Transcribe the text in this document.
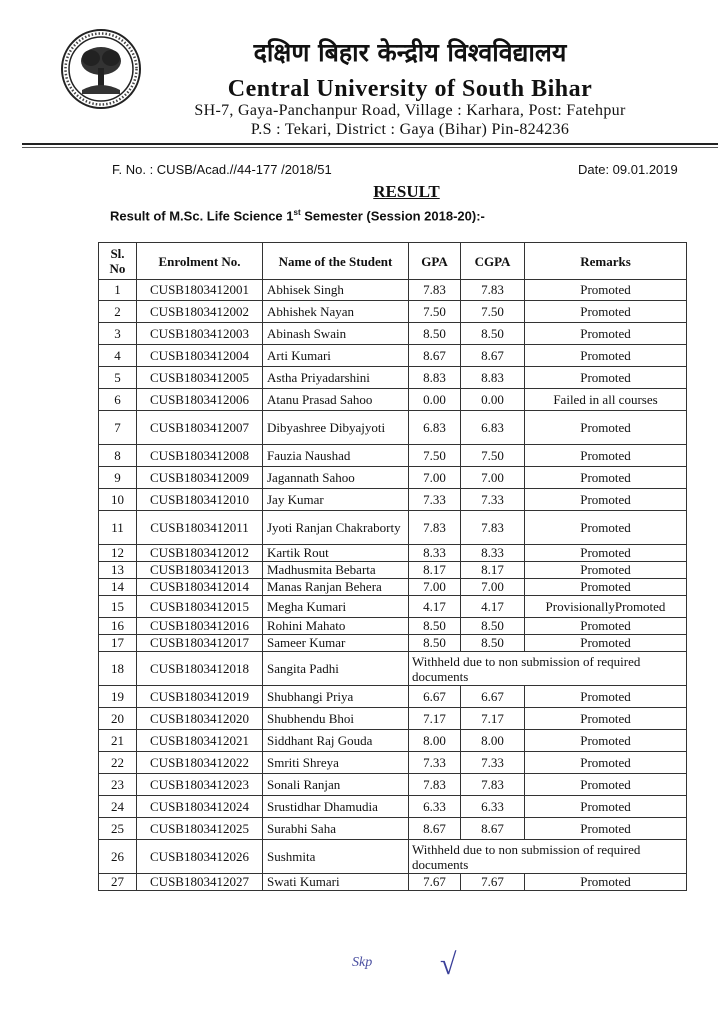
दक्षिण बिहार केन्द्रीय विश्वविद्यालय
Central University of South Bihar
SH-7, Gaya-Panchanpur Road, Village : Karhara, Post: Fatehpur
P.S : Tekari, District : Gaya (Bihar) Pin-824236
F. No. : CUSB/Acad.//44-177 /2018/51	Date: 09.01.2019
RESULT
Result of M.Sc. Life Science 1st Semester (Session 2018-20):-
Sl. No	Enrolment No.	Name of the Student	GPA	CGPA	Remarks
1	CUSB1803412001	Abhisek Singh	7.83	7.83	Promoted
2	CUSB1803412002	Abhishek Nayan	7.50	7.50	Promoted
3	CUSB1803412003	Abinash Swain	8.50	8.50	Promoted
4	CUSB1803412004	Arti Kumari	8.67	8.67	Promoted
5	CUSB1803412005	Astha Priyadarshini	8.83	8.83	Promoted
6	CUSB1803412006	Atanu Prasad Sahoo	0.00	0.00	Failed in all courses
7	CUSB1803412007	Dibyashree Dibyajyoti	6.83	6.83	Promoted
8	CUSB1803412008	Fauzia Naushad	7.50	7.50	Promoted
9	CUSB1803412009	Jagannath Sahoo	7.00	7.00	Promoted
10	CUSB1803412010	Jay Kumar	7.33	7.33	Promoted
11	CUSB1803412011	Jyoti Ranjan Chakraborty	7.83	7.83	Promoted
12	CUSB1803412012	Kartik Rout	8.33	8.33	Promoted
13	CUSB1803412013	Madhusmita Bebarta	8.17	8.17	Promoted
14	CUSB1803412014	Manas Ranjan Behera	7.00	7.00	Promoted
15	CUSB1803412015	Megha Kumari	4.17	4.17	ProvisionallyPromoted
16	CUSB1803412016	Rohini Mahato	8.50	8.50	Promoted
17	CUSB1803412017	Sameer Kumar	8.50	8.50	Promoted
18	CUSB1803412018	Sangita Padhi	Withheld due to non submission of required documents		
19	CUSB1803412019	Shubhangi Priya	6.67	6.67	Promoted
20	CUSB1803412020	Shubhendu Bhoi	7.17	7.17	Promoted
21	CUSB1803412021	Siddhant Raj Gouda	8.00	8.00	Promoted
22	CUSB1803412022	Smriti Shreya	7.33	7.33	Promoted
23	CUSB1803412023	Sonali Ranjan	7.83	7.83	Promoted
24	CUSB1803412024	Srustidhar Dhamudia	6.33	6.33	Promoted
25	CUSB1803412025	Surabhi Saha	8.67	8.67	Promoted
26	CUSB1803412026	Sushmita	Withheld due to non submission of required documents		
27	CUSB1803412027	Swati Kumari	7.67	7.67	Promoted
Skp √
